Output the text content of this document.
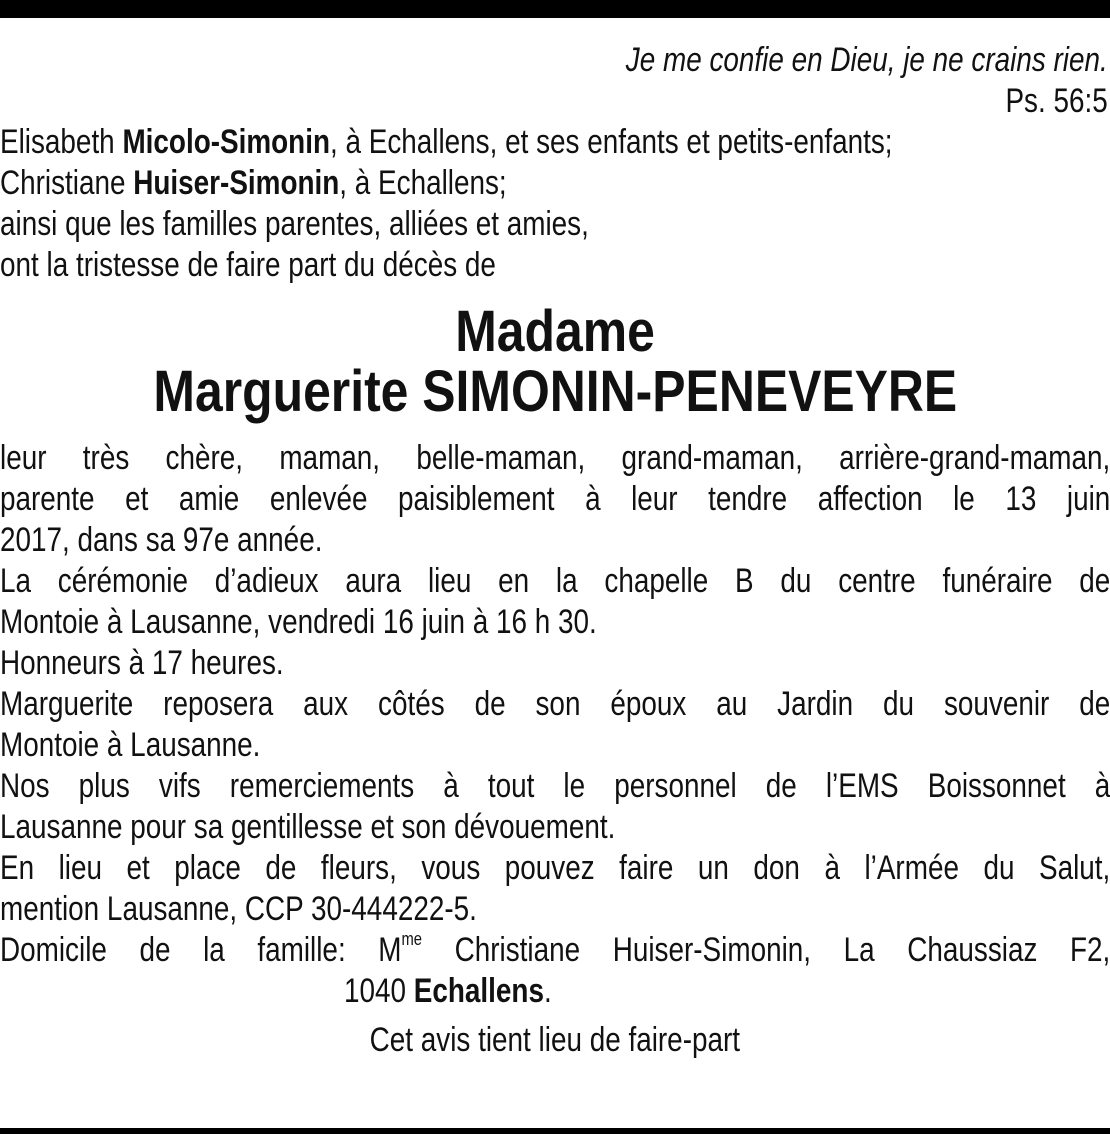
Je me confie en Dieu, je ne crains rien.
Ps. 56:5
Elisabeth Micolo-Simonin, à Echallens, et ses enfants et petits-enfants;
Christiane Huiser-Simonin, à Echallens;
ainsi que les familles parentes, alliées et amies,
ont la tristesse de faire part du décès de
Madame
Marguerite SIMONIN-PENEVEYRE
leur très chère, maman, belle-maman, grand-maman, arrière-grand-maman,

parente et amie enlevée paisiblement à leur tendre affection le 13 juin

2017, dans sa 97e année.
La cérémonie d’adieux aura lieu en la chapelle B du centre funéraire de

Montoie à Lausanne, vendredi 16 juin à 16 h 30.
Honneurs à 17 heures.
Marguerite reposera aux côtés de son époux au Jardin du souvenir de

Montoie à Lausanne.
Nos plus vifs remerciements à tout le personnel de l’EMS Boissonnet à

Lausanne pour sa gentillesse et son dévouement.
En lieu et place de fleurs, vous pouvez faire un don à l’Armée du Salut,

mention Lausanne, CCP 30-444222-5.
Domicile de la famille: $M^{me}$ Christiane Huiser-Simonin, La Chaussiaz F2,
1040 Echallens.
Cet avis tient lieu de faire-part
